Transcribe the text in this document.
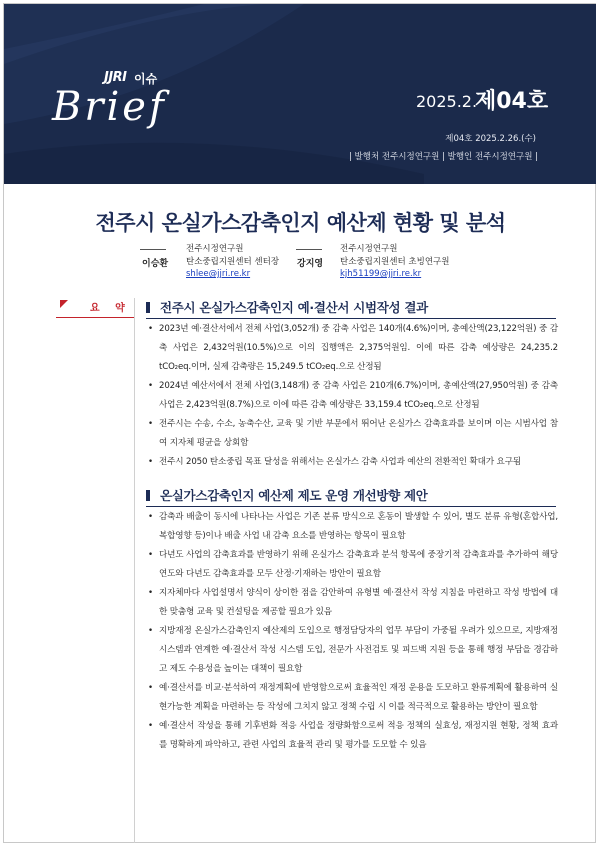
JJRI 이슈
Brief	2025.2.
제04호
제04호 2025.2.26.(수)
| 발행처 전주시정연구원 | 발행인 전주시정연구원 |
전주시 온실가스감축인지 예산제 현황 및 분석
이승환
전주시정연구원
탄소중립지원센터 센터장
shlee@jjri.re.kr
강지영
전주시정연구원
탄소중립지원센터 초빙연구원
kjh51199@jjri.re.kr
요 약 전주시 온실가스감축인지 예·결산서 시범작성 결과
• 2023년 예·결산서에서 전체 사업(3,052개) 중 감축 사업은 140개(4.6%)이며, 총예산액(23,122억원) 중 감축 사업은 2,432억원(10.5%)으로 이의 집행액은 2,375억원임. 이에 따른 감축 예상량은 24,235.2 tCO₂eq.이며, 실제 감축량은 15,249.5 tCO₂eq.으로 산정됨
• 2024년 예산서에서 전체 사업(3,148개) 중 감축 사업은 210개(6.7%)이며, 총예산액(27,950억원) 중 감축 사업은 2,423억원(8.7%)으로 이에 따른 감축 예상량은 33,159.4 tCO₂eq.으로 산정됨
• 전주시는 수송, 수소, 농축수산, 교육 및 기반 부문에서 뛰어난 온실가스 감축효과를 보이며 이는 시범사업 참여 지자체 평균을 상회함
• 전주시 2050 탄소중립 목표 달성을 위해서는 온실가스 감축 사업과 예산의 전환적인 확대가 요구됨
온실가스감축인지 예산제 제도 운영 개선방향 제안
• 감축과 배출이 동시에 나타나는 사업은 기존 분류 방식으로 혼동이 발생할 수 있어, 별도 분류 유형(혼합사업, 복합영향 등)이나 배출 사업 내 감축 요소를 반영하는 항목이 필요함
• 다년도 사업의 감축효과를 반영하기 위해 온실가스 감축효과 분석 항목에 중장기적 감축효과를 추가하여 해당 연도와 다년도 감축효과를 모두 산정·기재하는 방안이 필요함
• 지자체마다 사업설명서 양식이 상이한 점을 감안하여 유형별 예·결산서 작성 지침을 마련하고 작성 방법에 대한 맞춤형 교육 및 컨설팅을 제공할 필요가 있음
• 지방재정 온실가스감축인지 예산제의 도입으로 행정담당자의 업무 부담이 가중될 우려가 있으므로, 지방재정시스템과 연계한 예·결산서 작성 시스템 도입, 전문가 사전검토 및 피드백 지원 등을 통해 행정 부담을 경감하고 제도 수용성을 높이는 대책이 필요함
• 예·결산서를 비교·분석하여 재정계획에 반영함으로써 효율적인 재정 운용을 도모하고 환류계획에 활용하여 실현가능한 계획을 마련하는 등 작성에 그치지 않고 정책 수립 시 이를 적극적으로 활용하는 방안이 필요함
• 예·결산서 작성을 통해 기후변화 적응 사업을 정량화함으로써 적응 정책의 실효성, 재정지원 현황, 정책 효과를 명확하게 파악하고, 관련 사업의 효율적 관리 및 평가를 도모할 수 있음
